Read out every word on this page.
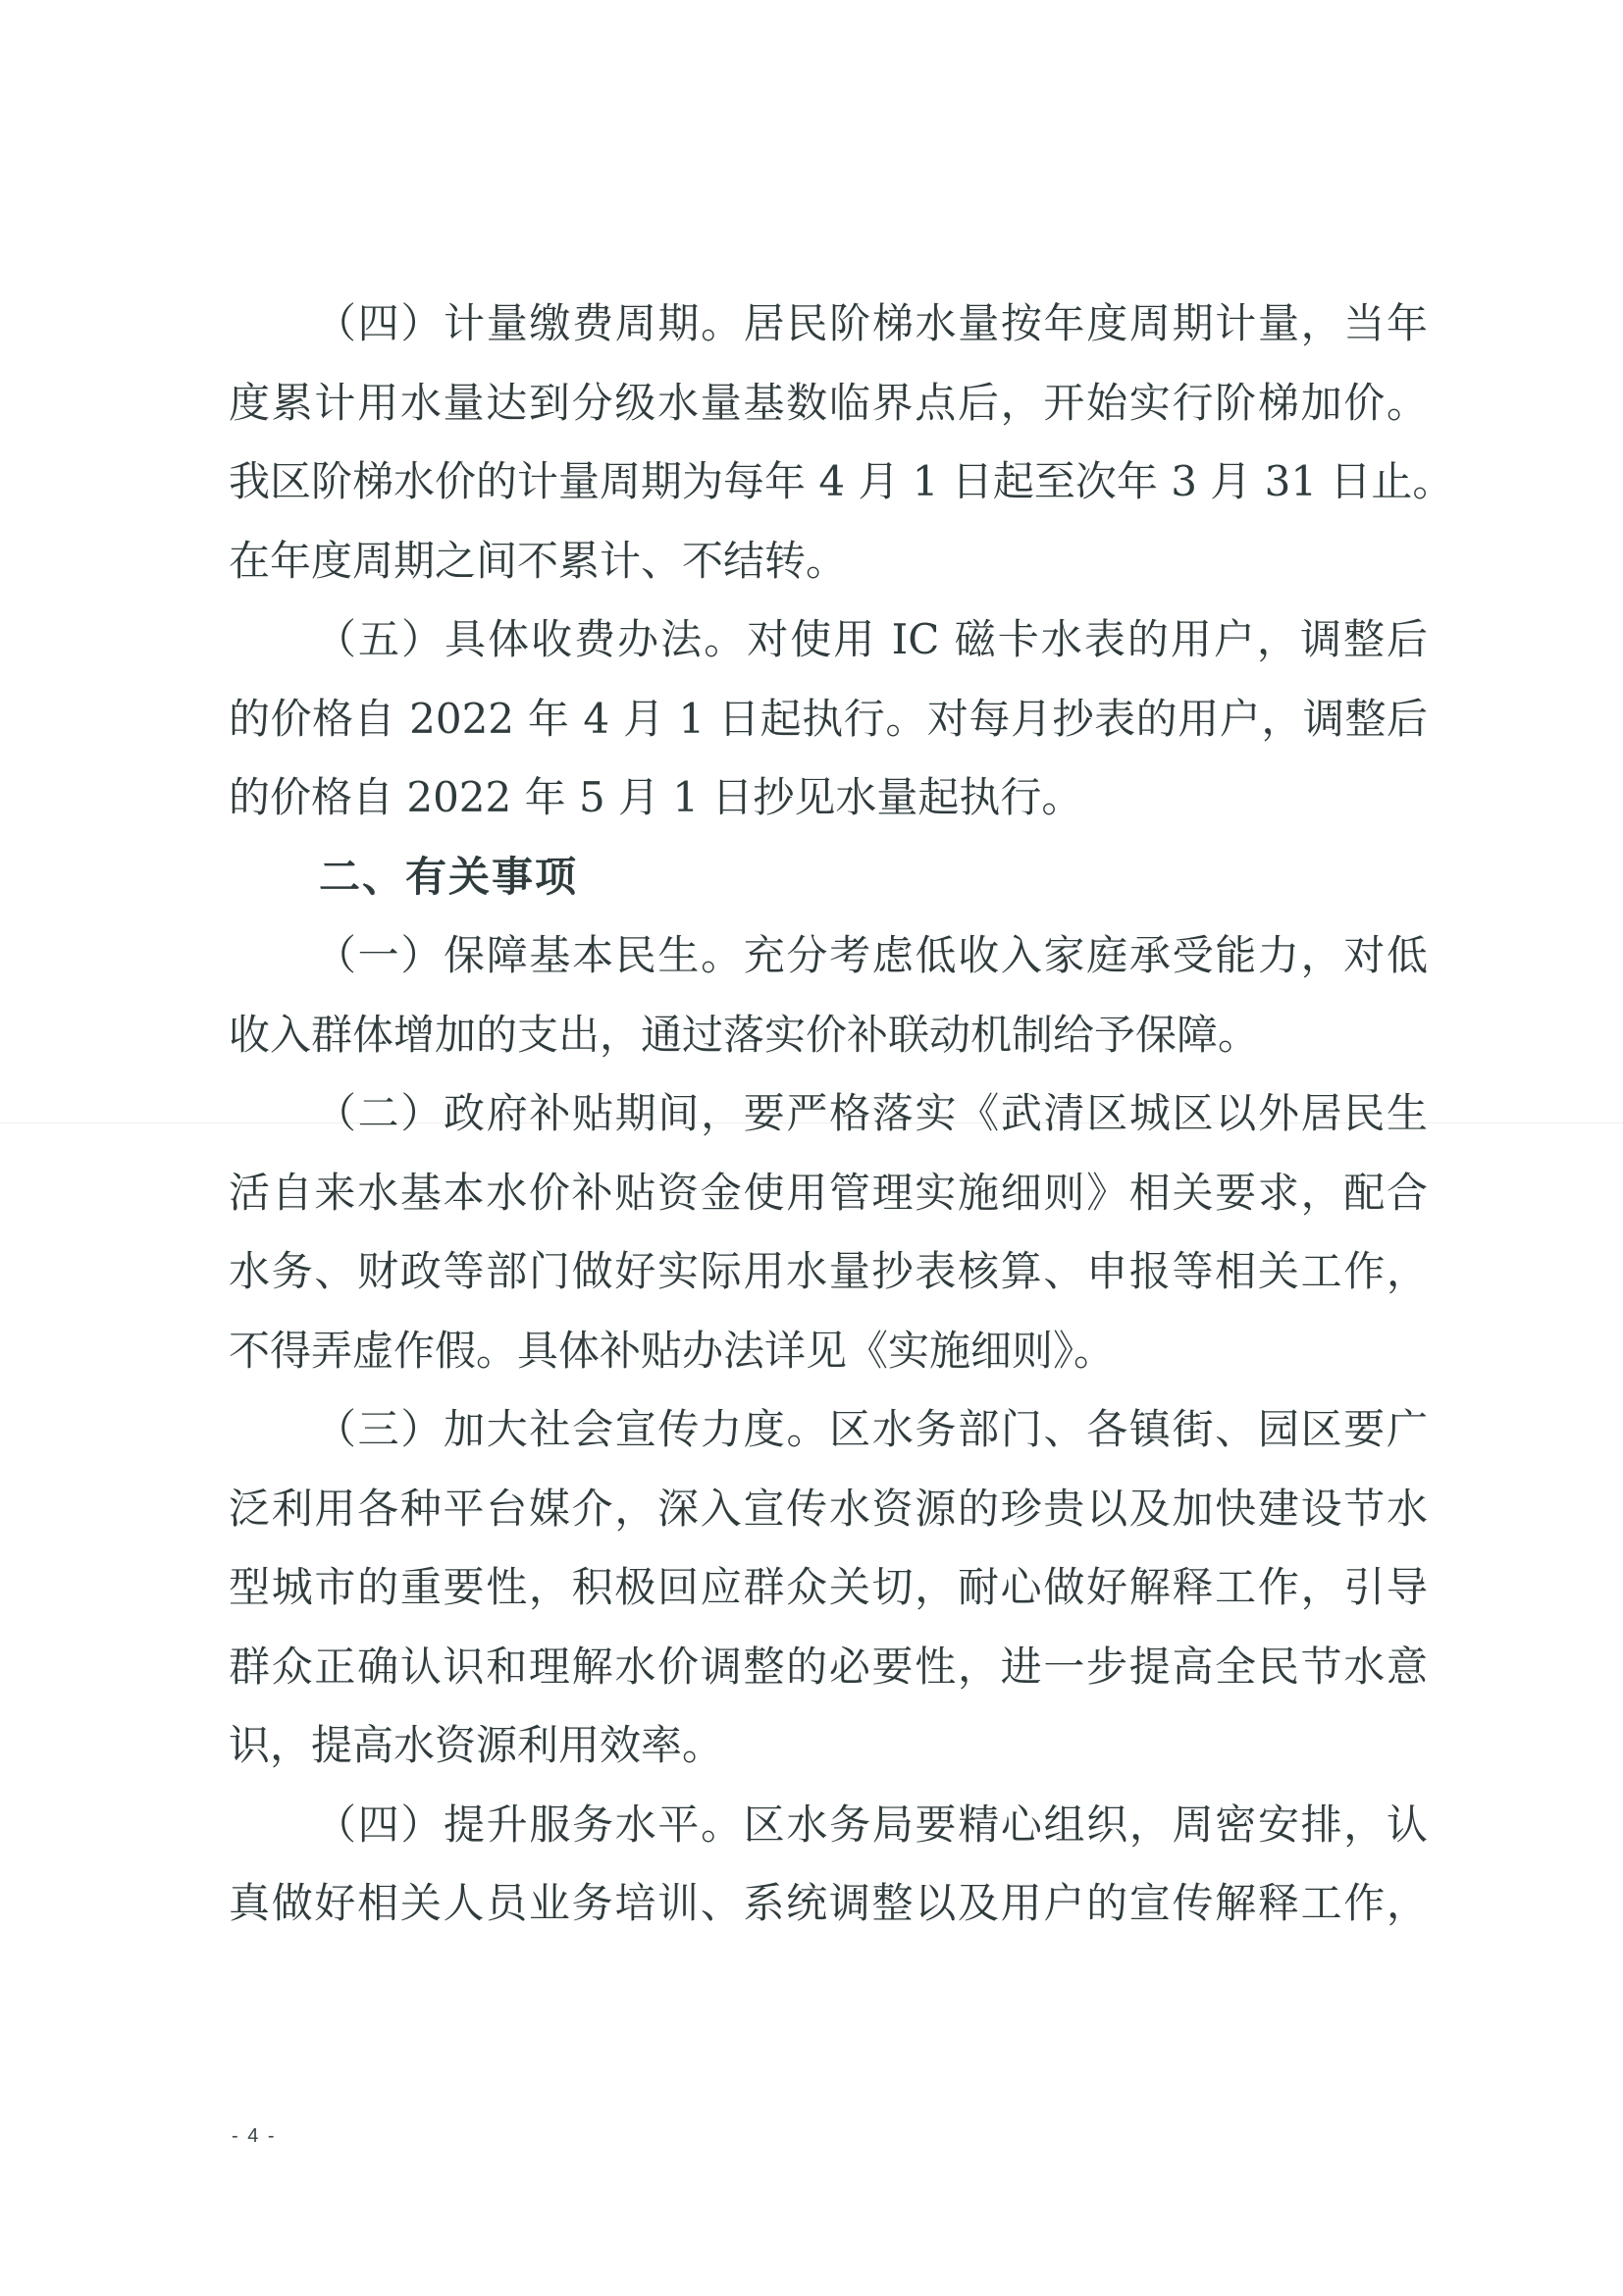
（四）计量缴费周期。居民阶梯水量按年度周期计量，当年
度累计用水量达到分级水量基数临界点后，开始实行阶梯加价。
我区阶梯水价的计量周期为每年 4 月 1 日起至次年 3 月 31 日止。
在年度周期之间不累计、不结转。
（五）具体收费办法。对使用 IC 磁卡水表的用户，调整后
的价格自 2022 年 4 月 1 日起执行。对每月抄表的用户，调整后
的价格自 2022 年 5 月 1 日抄见水量起执行。
二、有关事项
（一）保障基本民生。充分考虑低收入家庭承受能力，对低
收入群体增加的支出，通过落实价补联动机制给予保障。
（二）政府补贴期间，要严格落实《武清区城区以外居民生
活自来水基本水价补贴资金使用管理实施细则》相关要求，配合
水务、财政等部门做好实际用水量抄表核算、申报等相关工作，
不得弄虚作假。具体补贴办法详见《实施细则》。
（三）加大社会宣传力度。区水务部门、各镇街、园区要广
泛利用各种平台媒介，深入宣传水资源的珍贵以及加快建设节水
型城市的重要性，积极回应群众关切，耐心做好解释工作，引导
群众正确认识和理解水价调整的必要性，进一步提高全民节水意
识，提高水资源利用效率。
（四）提升服务水平。区水务局要精心组织，周密安排，认
真做好相关人员业务培训、系统调整以及用户的宣传解释工作，
- 4 -
